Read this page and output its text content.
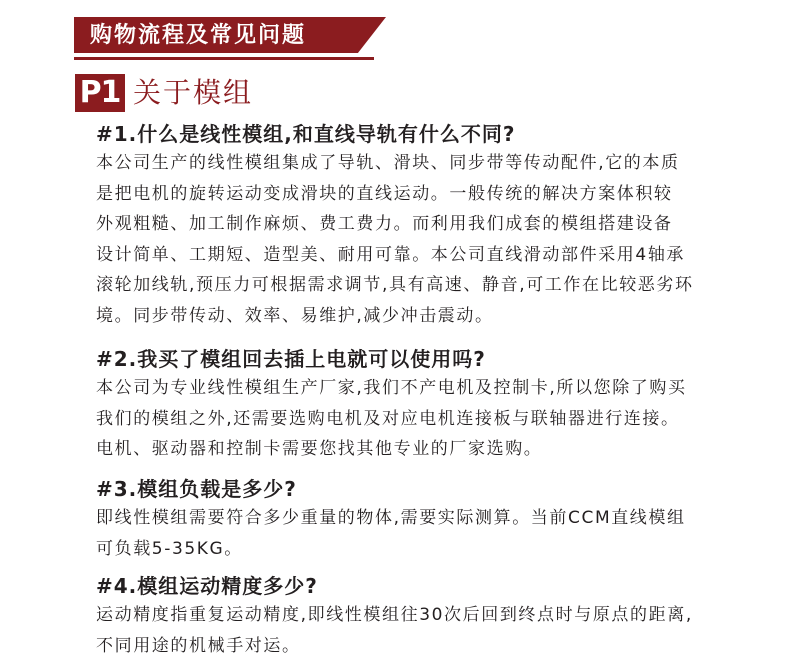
购物流程及常见问题
P1 关于模组

#1.什么是线性模组,和直线导轨有什么不同?

本公司生产的线性模组集成了导轨、滑块、同步带等传动配件,它的本质
是把电机的旋转运动变成滑块的直线运动。一般传统的解决方案体积较
外观粗糙、加工制作麻烦、费工费力。而利用我们成套的模组搭建设备
设计简单、工期短、造型美、耐用可靠。本公司直线滑动部件采用4轴承
滚轮加线轨,预压力可根据需求调节,具有高速、静音,可工作在比较恶劣环
境。同步带传动、效率、易维护,减少冲击震动。

#2.我买了模组回去插上电就可以使用吗?

本公司为专业线性模组生产厂家,我们不产电机及控制卡,所以您除了购买
我们的模组之外,还需要选购电机及对应电机连接板与联轴器进行连接。
电机、驱动器和控制卡需要您找其他专业的厂家选购。

#3.模组负载是多少?

即线性模组需要符合多少重量的物体,需要实际测算。当前CCM直线模组
可负载5-35KG。

#4.模组运动精度多少?

运动精度指重复运动精度,即线性模组往30次后回到终点时与原点的距离,
不同用途的机械手对运。
